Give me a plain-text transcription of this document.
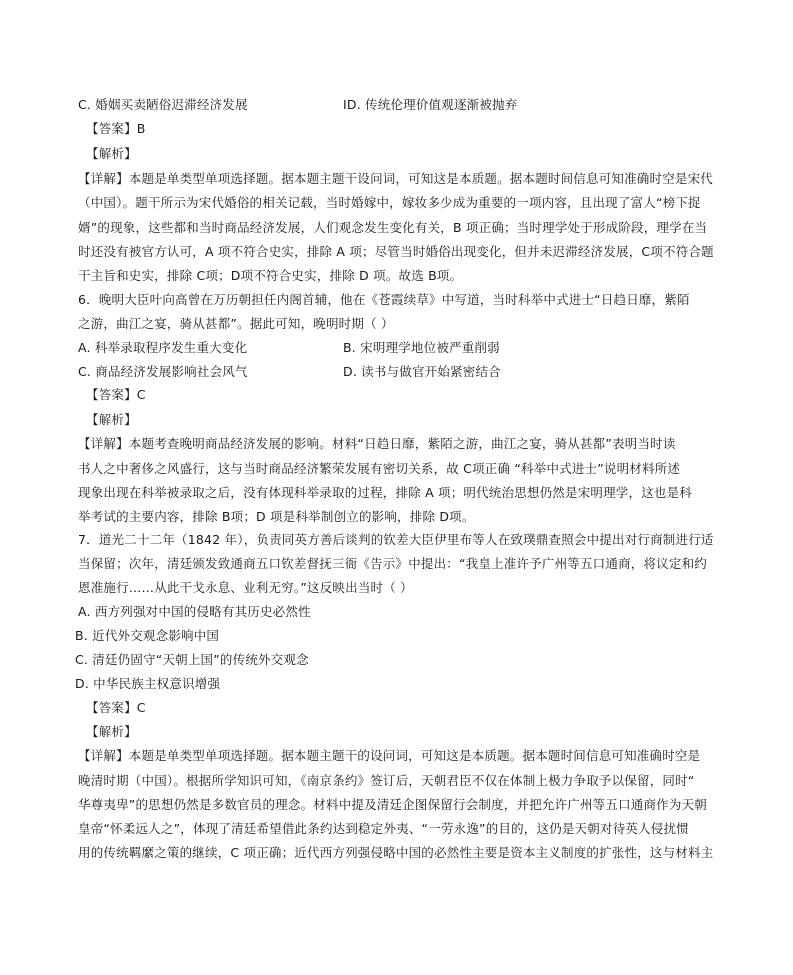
C. 婚姻买卖陋俗迟滞经济发展	ID. 传统伦理价值观逐渐被抛弃
【答案】B
【解析】
【详解】本题是单类型单项选择题。据本题主题干设问词，可知这是本质题。据本题时间信息可知准确时空是宋代
（中国）。题干所示为宋代婚俗的相关记载，当时婚嫁中，嫁妆多少成为重要的一项内容，且出现了富人“榜下捉
婿”的现象，这些都和当时商品经济发展，人们观念发生变化有关，B 项正确；当时理学处于形成阶段，理学在当
时还没有被官方认可，A 项不符合史实，排除 A 项；尽管当时婚俗出现变化，但并未迟滞经济发展，C项不符合题
干主旨和史实，排除 C项；D项不符合史实，排除 D 项。故选 B项。
6．晚明大臣叶向高曾在万历朝担任内阁首辅，他在《苍霞续草》中写道，当时科举中式进士“日趋日靡，紫陌
之游，曲江之宴，骑从甚都”。据此可知，晚明时期（ ）
A. 科举录取程序发生重大变化	B. 宋明理学地位被严重削弱
C. 商品经济发展影响社会风气	D. 读书与做官开始紧密结合
【答案】C
【解析】
【详解】本题考查晚明商品经济发展的影响。材料“日趋日靡，紫陌之游，曲江之宴，骑从甚都”表明当时读
书人之中奢侈之风盛行，这与当时商品经济繁荣发展有密切关系，故 C项正确 “科举中式进士”说明材料所述
现象出现在科举被录取之后，没有体现科举录取的过程，排除 A 项；明代统治思想仍然是宋明理学，这也是科
举考试的主要内容，排除 B项；D 项是科举制创立的影响，排除 D项。
7．道光二十二年（1842 年），负责同英方善后谈判的钦差大臣伊里布等人在致璞鼎查照会中提出对行商制进行适
当保留；次年，清廷颁发致通商五口钦差督抚三衙《告示》中提出：“我皇上准许予广州等五口通商，将议定和约
恩准施行……从此干戈永息、业利无穷。”这反映出当时（ ）
A. 西方列强对中国的侵略有其历史必然性
B. 近代外交观念影响中国
C. 清廷仍固守“天朝上国”的传统外交观念
D. 中华民族主权意识增强
【答案】C
【解析】
【详解】本题是单类型单项选择题。据本题主题干的设问词，可知这是本质题。据本题时间信息可知准确时空是
晚清时期（中国）。根据所学知识可知，《南京条约》签订后，天朝君臣不仅在体制上极力争取予以保留，同时“
华尊夷卑”的思想仍然是多数官员的理念。材料中提及清廷企图保留行会制度，并把允许广州等五口通商作为天朝
皇帝“怀柔远人之”，体现了清廷希望借此条约达到稳定外夷、“一劳永逸”的目的，这仍是天朝对待英人侵扰惯
用的传统羁縻之策的继续，C 项正确；近代西方列强侵略中国的必然性主要是资本主义制度的扩张性，这与材料主
